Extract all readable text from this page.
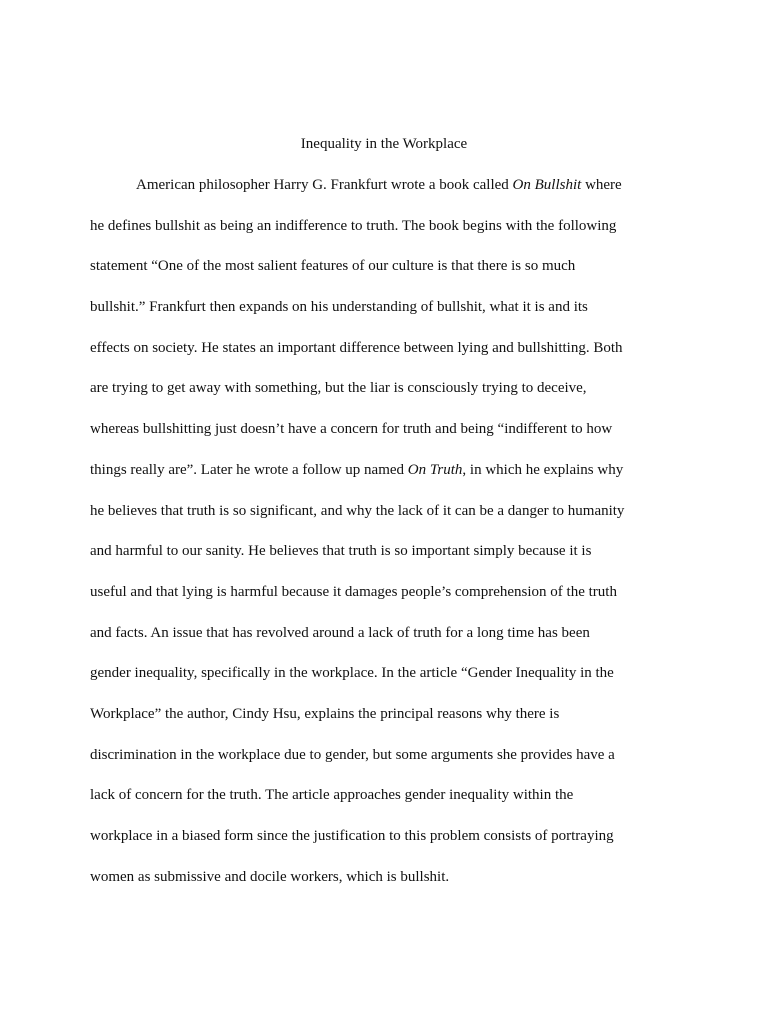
Inequality in the Workplace
American philosopher Harry G. Frankfurt wrote a book called On Bullshit where
he defines bullshit as being an indifference to truth. The book begins with the following
statement “One of the most salient features of our culture is that there is so much
bullshit.” Frankfurt then expands on his understanding of bullshit, what it is and its
effects on society. He states an important difference between lying and bullshitting. Both
are trying to get away with something, but the liar is consciously trying to deceive,
whereas bullshitting just doesn’t have a concern for truth and being “indifferent to how
things really are”. Later he wrote a follow up named On Truth, in which he explains why
he believes that truth is so significant, and why the lack of it can be a danger to humanity
and harmful to our sanity. He believes that truth is so important simply because it is
useful and that lying is harmful because it damages people’s comprehension of the truth
and facts. An issue that has revolved around a lack of truth for a long time has been
gender inequality, specifically in the workplace. In the article “Gender Inequality in the
Workplace” the author, Cindy Hsu, explains the principal reasons why there is
discrimination in the workplace due to gender, but some arguments she provides have a
lack of concern for the truth. The article approaches gender inequality within the
workplace in a biased form since the justification to this problem consists of portraying
women as submissive and docile workers, which is bullshit.
